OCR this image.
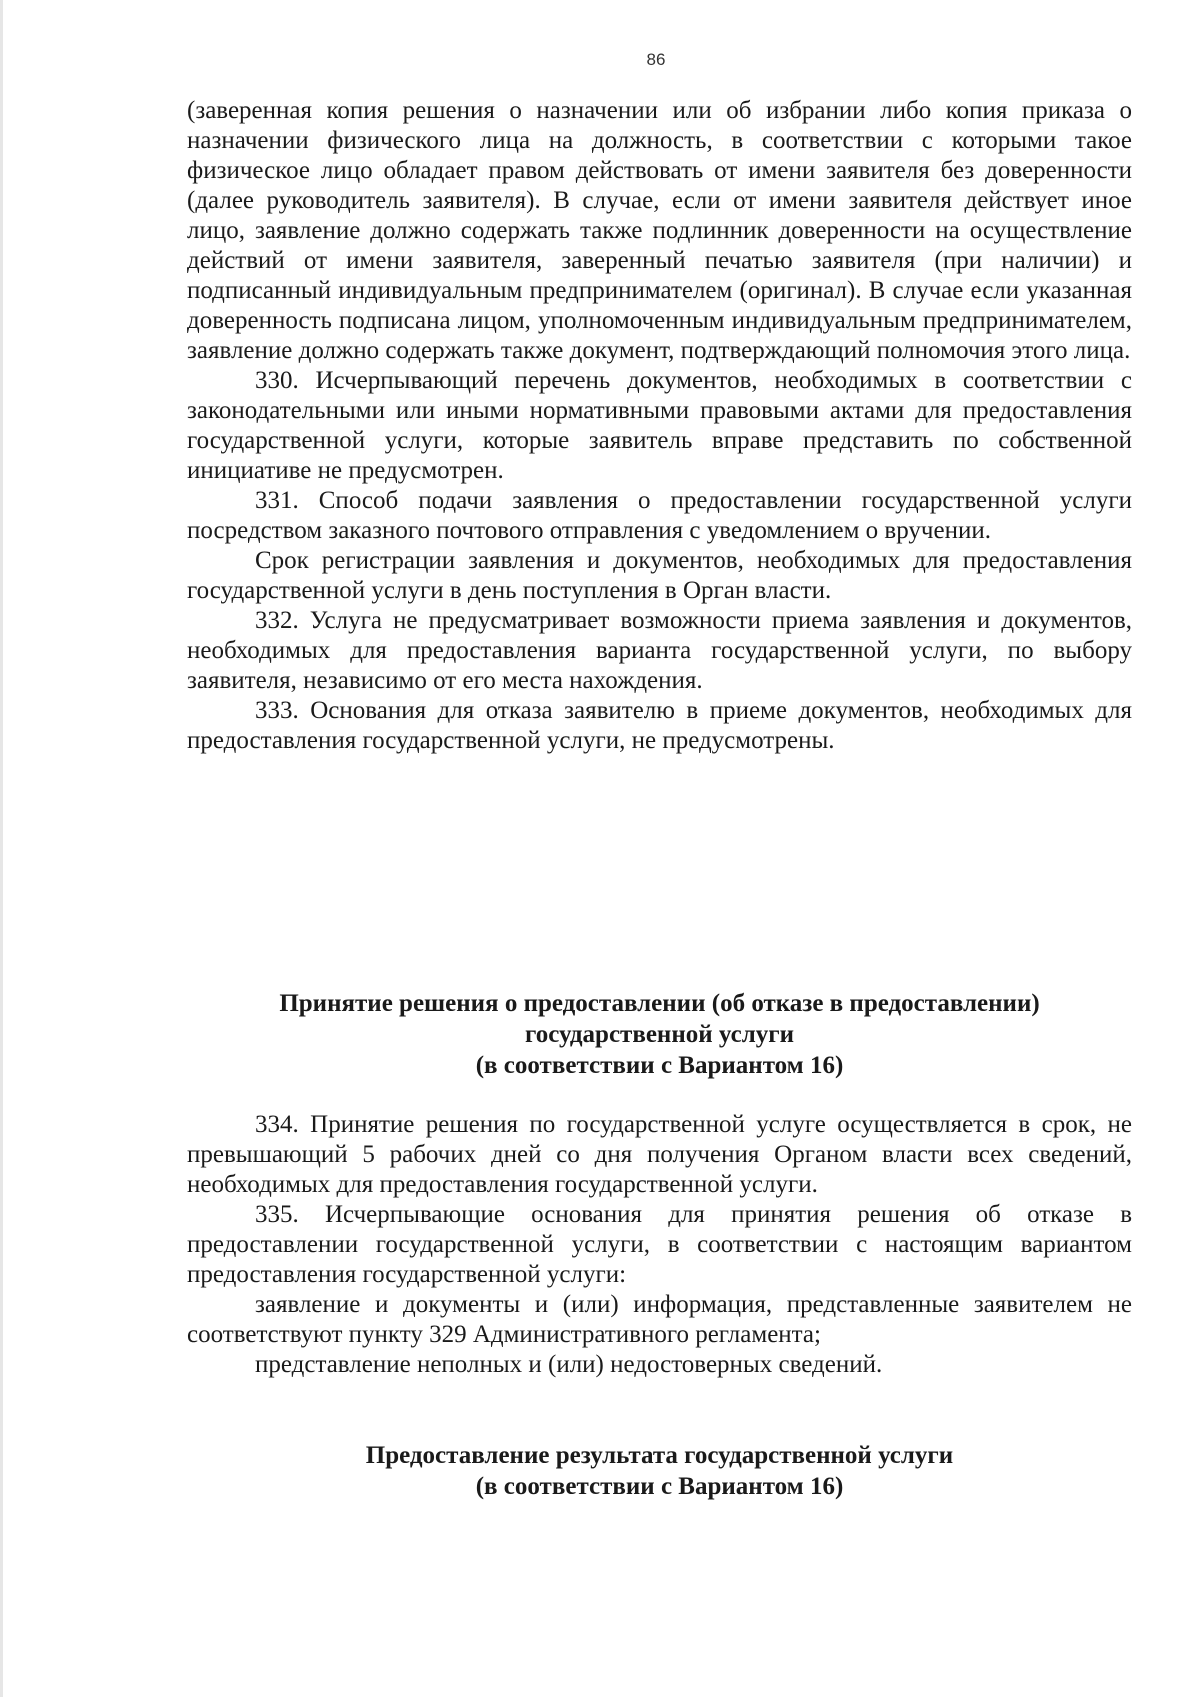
86

(заверенная копия решения о назначении или об избрании либо копия приказа о назначении физического лица на должность, в соответствии с которыми такое физическое лицо обладает правом действовать от имени заявителя без доверенности (далее руководитель заявителя). В случае, если от имени заявителя действует иное лицо, заявление должно содержать также подлинник доверенности на осуществление действий от имени заявителя, заверенный печатью заявителя (при наличии) и подписанный индивидуальным предпринимателем (оригинал). В случае если указанная доверенность подписана лицом, уполномоченным индивидуальным предпринимателем, заявление должно содержать также документ, подтверждающий полномочия этого лица.

330. Исчерпывающий перечень документов, необходимых в соответствии с законодательными или иными нормативными правовыми актами для предоставления государственной услуги, которые заявитель вправе представить по собственной инициативе не предусмотрен.

331. Способ подачи заявления о предоставлении государственной услуги посредством заказного почтового отправления с уведомлением о вручении.

Срок регистрации заявления и документов, необходимых для предоставления государственной услуги в день поступления в Орган власти.

332. Услуга не предусматривает возможности приема заявления и документов, необходимых для предоставления варианта государственной услуги, по выбору заявителя, независимо от его места нахождения.

333. Основания для отказа заявителю в приеме документов, необходимых для предоставления государственной услуги, не предусмотрены.

Принятие решения о предоставлении (об отказе в предоставлении)
государственной услуги
(в соответствии с Вариантом 16)

334. Принятие решения по государственной услуге осуществляется в срок, не превышающий 5 рабочих дней со дня получения Органом власти всех сведений, необходимых для предоставления государственной услуги.

335. Исчерпывающие основания для принятия решения об отказе в предоставлении государственной услуги, в соответствии с настоящим вариантом предоставления государственной услуги:

заявление и документы и (или) информация, представленные заявителем не соответствуют пункту 329 Административного регламента;

представление неполных и (или) недостоверных сведений.

Предоставление результата государственной услуги
(в соответствии с Вариантом 16)
